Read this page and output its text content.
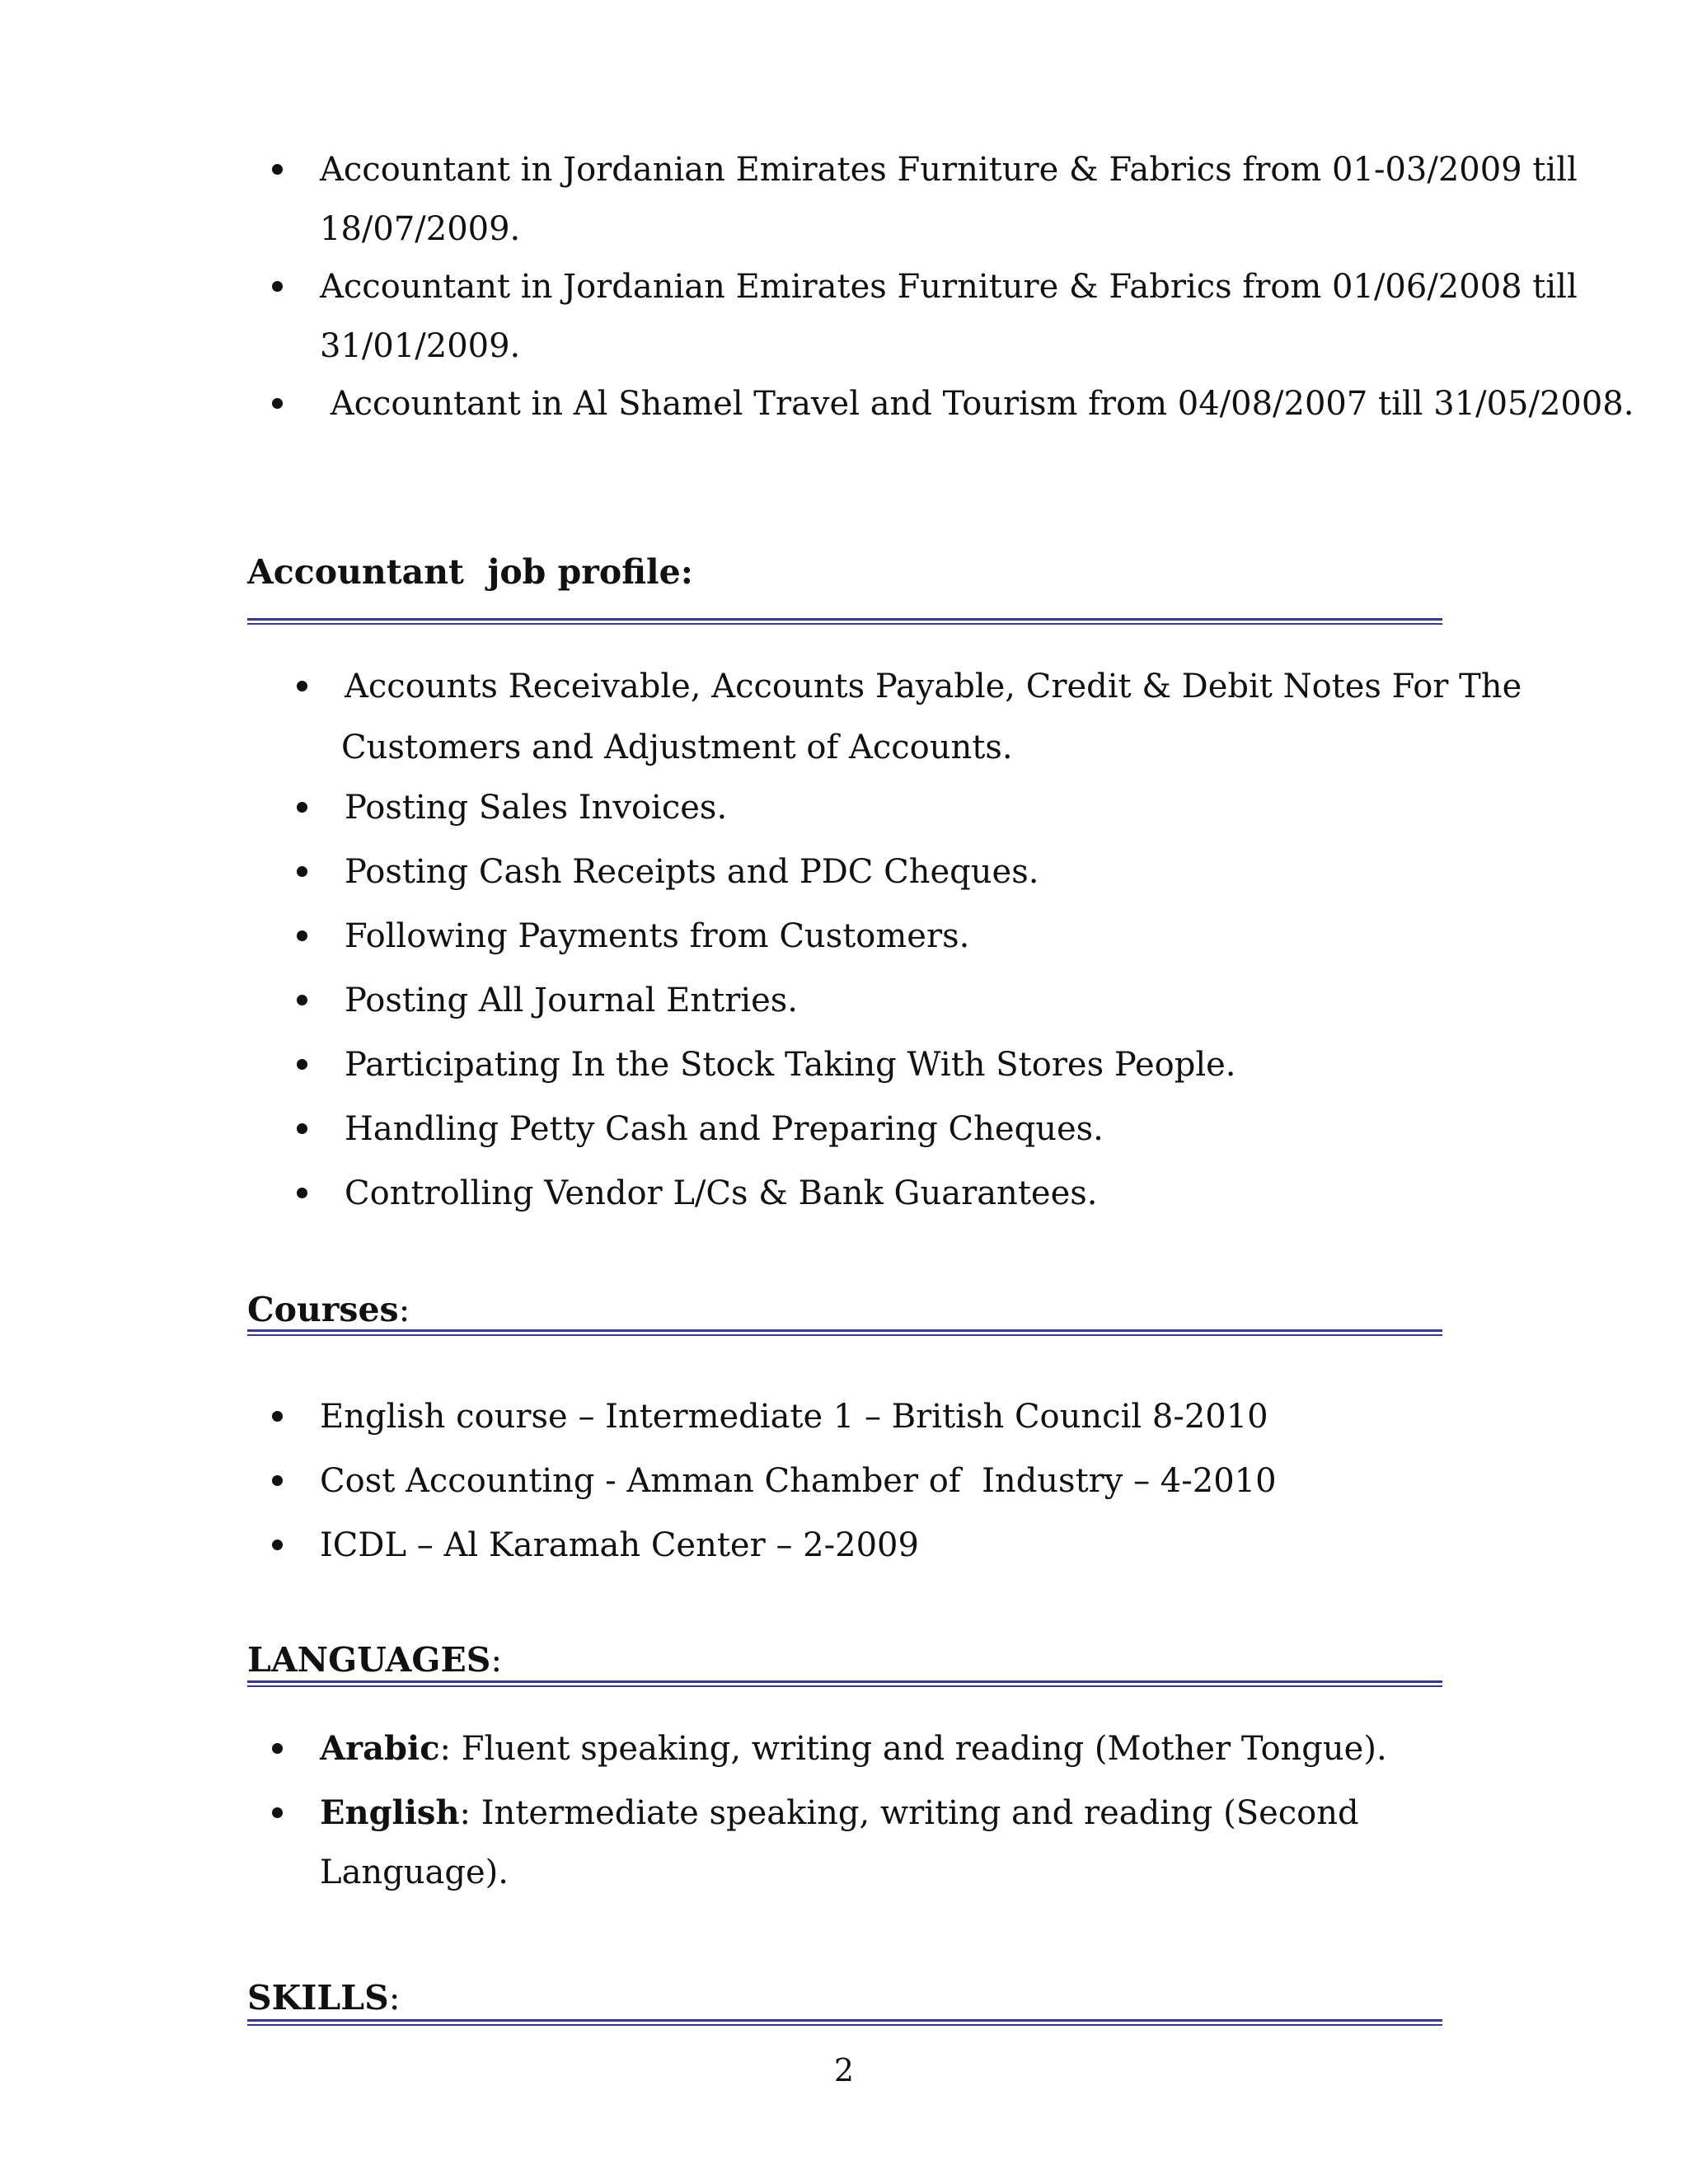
Accountant in Jordanian Emirates Furniture & Fabrics from 01-03/2009 till
18/07/2009.
Accountant in Jordanian Emirates Furniture & Fabrics from 01/06/2008 till
31/01/2009.
Accountant in Al Shamel Travel and Tourism from 04/08/2007 till 31/05/2008.
Accountant  job profile:
Accounts Receivable, Accounts Payable, Credit & Debit Notes For The
Customers and Adjustment of Accounts.
Posting Sales Invoices.
Posting Cash Receipts and PDC Cheques.
Following Payments from Customers.
Posting All Journal Entries.
Participating In the Stock Taking With Stores People.
Handling Petty Cash and Preparing Cheques.
Controlling Vendor L/Cs & Bank Guarantees.
Courses:
English course – Intermediate 1 – British Council 8-2010
Cost Accounting - Amman Chamber of  Industry – 4-2010
ICDL – Al Karamah Center – 2-2009
LANGUAGES:
Arabic: Fluent speaking, writing and reading (Mother Tongue).
English: Intermediate speaking, writing and reading (Second
Language).
SKILLS:
2
